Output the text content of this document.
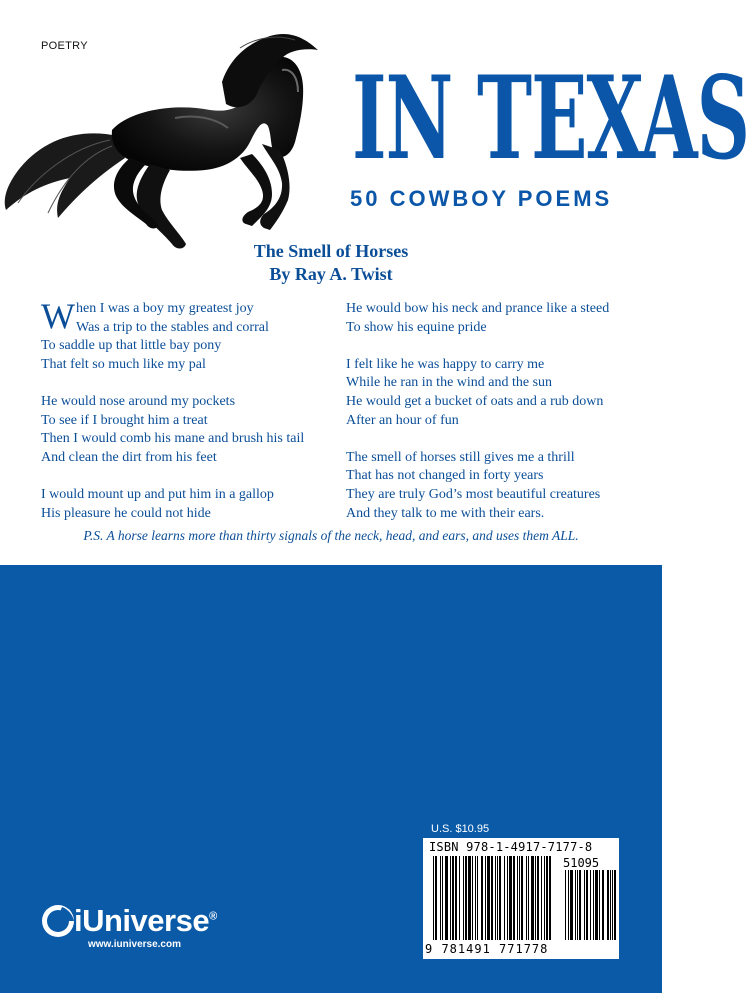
POETRY
IN TEXAS
50 COWBOY POEMS
The Smell of Horses
By Ray A. Twist
W hen I was a boy my greatest joy
Was a trip to the stables and corral
To saddle up that little bay pony
That felt so much like my pal
He would nose around my pockets
To see if I brought him a treat
Then I would comb his mane and brush his tail
And clean the dirt from his feet
I would mount up and put him in a gallop
His pleasure he could not hide
He would bow his neck and prance like a steed
To show his equine pride
I felt like he was happy to carry me
While he ran in the wind and the sun
He would get a bucket of oats and a rub down
After an hour of fun
The smell of horses still gives me a thrill
That has not changed in forty years
They are truly God’s most beautiful creatures
And they talk to me with their ears.
P.S. A horse learns more than thirty signals of the neck, head, and ears, and uses them ALL.
U.S. $10.95
ISBN 978-1-4917-7177-8
51095
9 781491 771778
iUniverse®
www.iuniverse.com
